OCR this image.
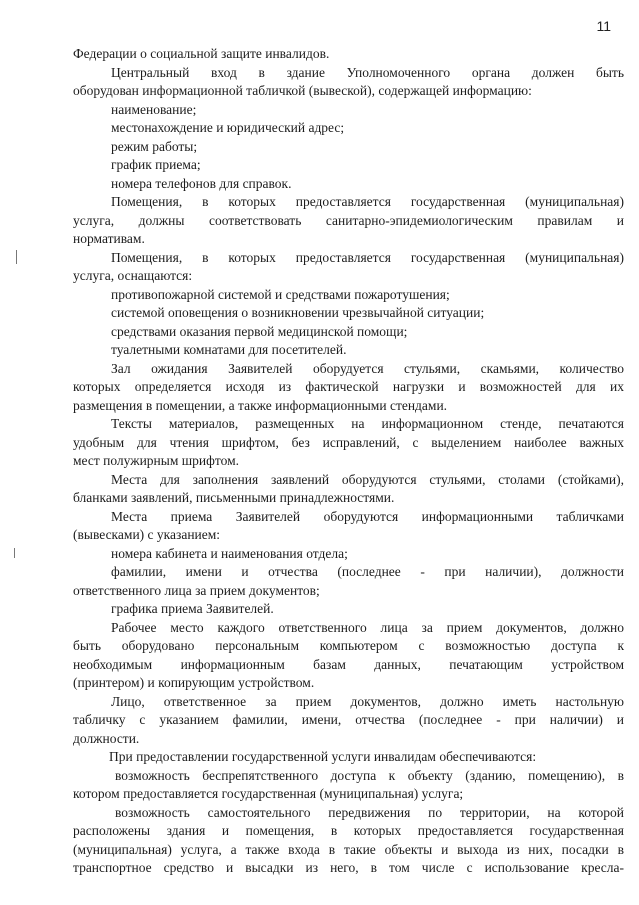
11
Федерации о социальной защите инвалидов.
Центральный вход в здание Уполномоченного органа должен быть
оборудован информационной табличкой (вывеской), содержащей информацию:
наименование;
местонахождение и юридический адрес;
режим работы;
график приема;
номера телефонов для справок.
Помещения, в которых предоставляется государственная (муниципальная)
услуга, должны соответствовать санитарно-эпидемиологическим правилам и
нормативам.
Помещения, в которых предоставляется государственная (муниципальная)
услуга, оснащаются:
противопожарной системой и средствами пожаротушения;
системой оповещения о возникновении чрезвычайной ситуации;
средствами оказания первой медицинской помощи;
туалетными комнатами для посетителей.
Зал ожидания Заявителей оборудуется стульями, скамьями, количество
которых определяется исходя из фактической нагрузки и возможностей для их
размещения в помещении, а также информационными стендами.
Тексты материалов, размещенных на информационном стенде, печатаются
удобным для чтения шрифтом, без исправлений, с выделением наиболее важных
мест полужирным шрифтом.
Места для заполнения заявлений оборудуются стульями, столами (стойками),
бланками заявлений, письменными принадлежностями.
Места приема Заявителей оборудуются информационными табличками
(вывесками) с указанием:
номера кабинета и наименования отдела;
фамилии, имени и отчества (последнее - при наличии), должности
ответственного лица за прием документов;
графика приема Заявителей.
Рабочее место каждого ответственного лица за прием документов, должно
быть оборудовано персональным компьютером с возможностью доступа к
необходимым информационным базам данных, печатающим устройством
(принтером) и копирующим устройством.
Лицо, ответственное за прием документов, должно иметь настольную
табличку с указанием фамилии, имени, отчества (последнее - при наличии) и
должности.
При предоставлении государственной услуги инвалидам обеспечиваются:
возможность беспрепятственного доступа к объекту (зданию, помещению), в
котором предоставляется государственная (муниципальная) услуга;
возможность самостоятельного передвижения по территории, на которой
расположены здания и помещения, в которых предоставляется государственная
(муниципальная) услуга, а также входа в такие объекты и выхода из них, посадки в
транспортное средство и высадки из него, в том числе с использование кресла-
